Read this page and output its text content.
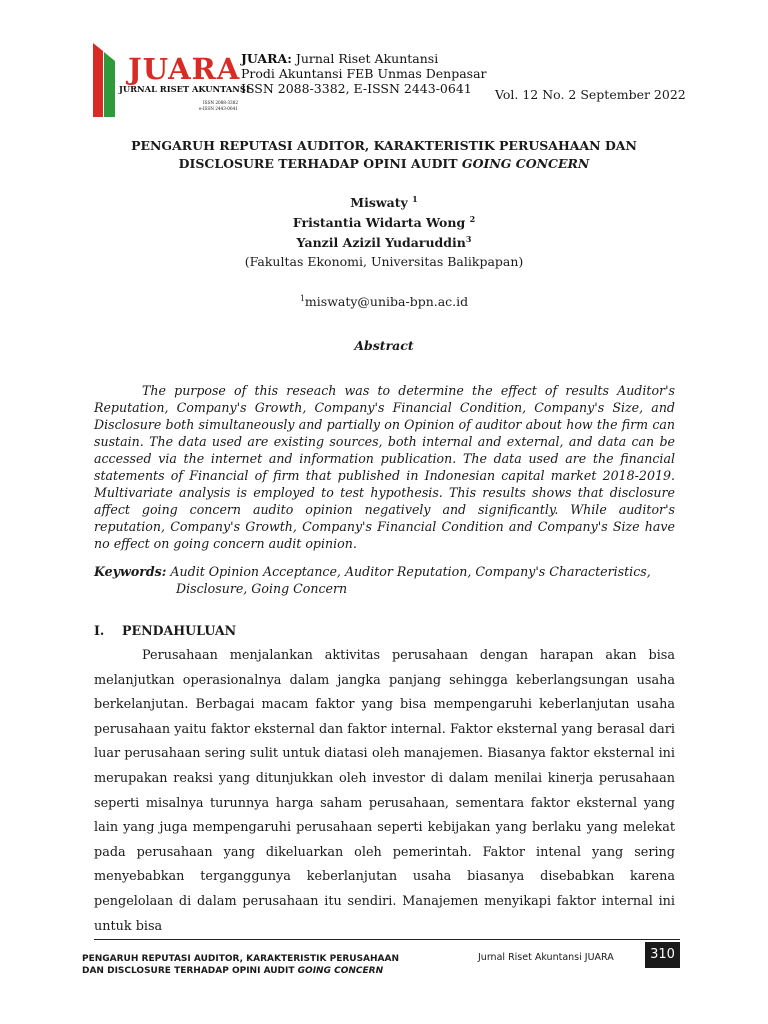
JUARA
JURNAL RISET AKUNTANSI
ISSN 2088-3382
e-ISSN 2443-0641
JUARA: Jurnal Riset Akuntansi
Prodi Akuntansi FEB Unmas Denpasar
ISSN 2088-3382, E-ISSN 2443-0641	Vol. 12 No. 2 September 2022
PENGARUH REPUTASI AUDITOR, KARAKTERISTIK PERUSAHAAN DAN
DISCLOSURE TERHADAP OPINI AUDIT GOING CONCERN
Miswaty $^1$
Fristantia Widarta Wong $^2$
Yanzil Azizil Yudaruddin$^3$
(Fakultas Ekonomi, Universitas Balikpapan)
$^1$miswaty@uniba-bpn.ac.id
Abstract
The purpose of this reseach was to determine the effect of results Auditor's Reputation, Company's Growth, Company's Financial Condition, Company's Size, and Disclosure both simultaneously and partially on Opinion of auditor about how the firm can sustain. The data used are existing sources, both internal and external, and data can be accessed via the internet and information publication. The data used are the financial statements of Financial of firm that published in Indonesian capital market 2018-2019. Multivariate analysis is employed to test hypothesis. This results shows that disclosure affect going concern audito opinion negatively and significantly. While auditor's reputation, Company's Growth, Company's Financial Condition and Company's Size have no effect on going concern audit opinion.
Keywords: Audit Opinion Acceptance, Auditor Reputation, Company's Characteristics,
Disclosure, Going Concern
I. PENDAHULUAN
Perusahaan menjalankan aktivitas perusahaan dengan harapan akan bisa melanjutkan operasionalnya dalam jangka panjang sehingga keberlangsungan usaha berkelanjutan. Berbagai macam faktor yang bisa mempengaruhi keberlanjutan usaha perusahaan yaitu faktor eksternal dan faktor internal. Faktor eksternal yang berasal dari luar perusahaan sering sulit untuk diatasi oleh manajemen. Biasanya faktor eksternal ini merupakan reaksi yang ditunjukkan oleh investor di dalam menilai kinerja perusahaan seperti misalnya turunnya harga saham perusahaan, sementara faktor eksternal yang lain yang juga mempengaruhi perusahaan seperti kebijakan yang berlaku yang melekat pada perusahaan yang dikeluarkan oleh pemerintah. Faktor intenal yang sering menyebabkan terganggunya keberlanjutan usaha biasanya disebabkan karena pengelolaan di dalam perusahaan itu sendiri. Manajemen menyikapi faktor internal ini untuk bisa
PENGARUH REPUTASI AUDITOR, KARAKTERISTIK PERUSAHAAN
DAN DISCLOSURE TERHADAP OPINI AUDIT GOING CONCERN
Jurnal Riset Akuntansi JUARA	310
